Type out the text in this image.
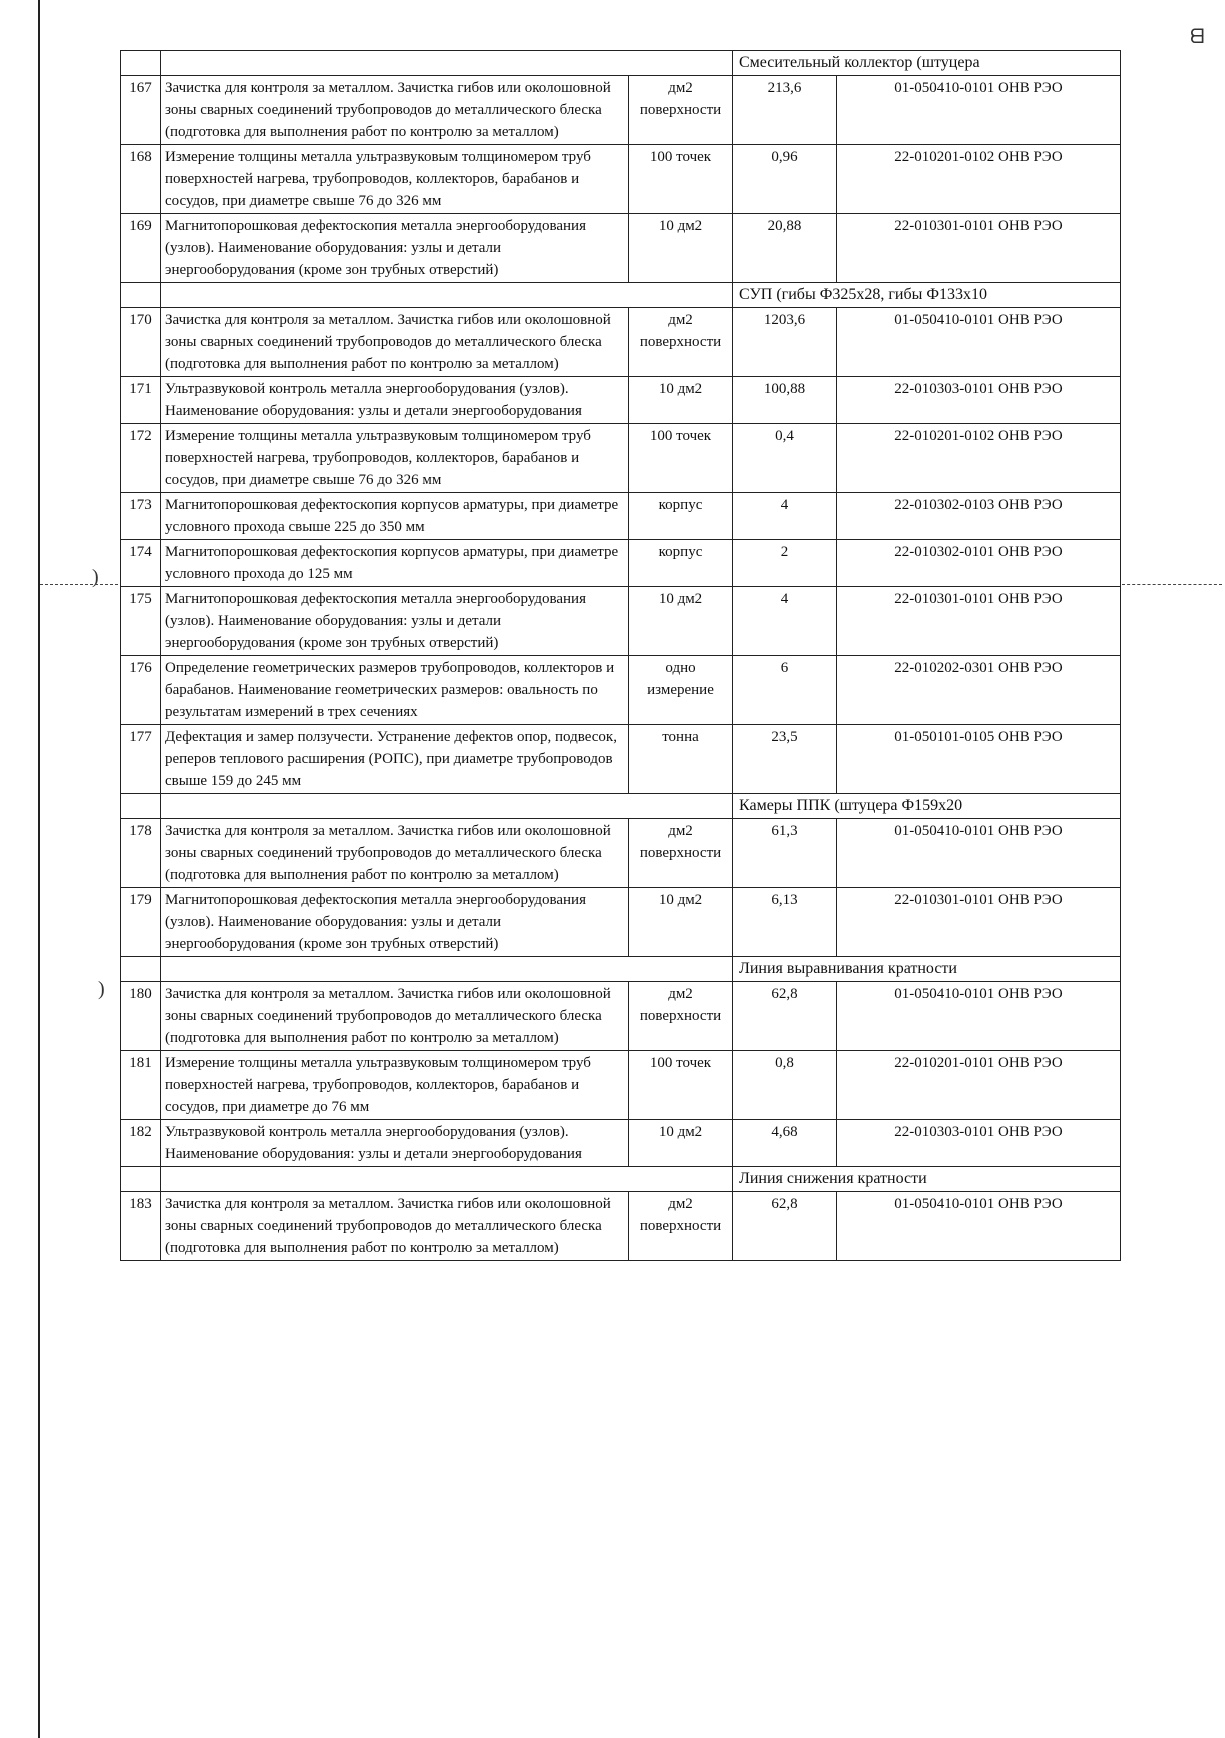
ᗺ
)
)
			Смесительный коллектор (штуцера	
167	Зачистка для контроля за металлом. Зачистка гибов или околошовной зоны сварных соединений трубопроводов до металлического блеска (подготовка для выполнения работ по контролю за металлом)	дм2 поверхности	213,6	01-050410-0101 ОНВ РЭО
168	Измерение толщины металла ультразвуковым толщиномером труб поверхностей нагрева, трубопроводов, коллекторов, барабанов и сосудов, при диаметре свыше 76 до 326 мм	100 точек	0,96	22-010201-0102 ОНВ РЭО
169	Магнитопорошковая дефектоскопия металла энергооборудования (узлов). Наименование оборудования: узлы и детали энергооборудования (кроме зон трубных отверстий)	10 дм2	20,88	22-010301-0101 ОНВ РЭО
			СУП (гибы Ф325х28, гибы Ф133х10	
170	Зачистка для контроля за металлом. Зачистка гибов или околошовной зоны сварных соединений трубопроводов до металлического блеска (подготовка для выполнения работ по контролю за металлом)	дм2 поверхности	1203,6	01-050410-0101 ОНВ РЭО
171	Ультразвуковой контроль металла энергооборудования (узлов). Наименование оборудования: узлы и детали энергооборудования	10 дм2	100,88	22-010303-0101 ОНВ РЭО
172	Измерение толщины металла ультразвуковым толщиномером труб поверхностей нагрева, трубопроводов, коллекторов, барабанов и сосудов, при диаметре свыше 76 до 326 мм	100 точек	0,4	22-010201-0102 ОНВ РЭО
173	Магнитопорошковая дефектоскопия корпусов арматуры, при диаметре условного прохода свыше 225 до 350 мм	корпус	4	22-010302-0103 ОНВ РЭО
174	Магнитопорошковая дефектоскопия корпусов арматуры, при диаметре условного прохода до 125 мм	корпус	2	22-010302-0101 ОНВ РЭО
175	Магнитопорошковая дефектоскопия металла энергооборудования (узлов). Наименование оборудования: узлы и детали энергооборудования (кроме зон трубных отверстий)	10 дм2	4	22-010301-0101 ОНВ РЭО
176	Определение геометрических размеров трубопроводов, коллекторов и барабанов. Наименование геометрических размеров: овальность по результатам измерений в трех сечениях	одно измерение	6	22-010202-0301 ОНВ РЭО
177	Дефектация и замер ползучести. Устранение дефектов опор, подвесок, реперов теплового расширения (РОПС), при диаметре трубопроводов свыше 159 до 245 мм	тонна	23,5	01-050101-0105 ОНВ РЭО
			Камеры ППК (штуцера Ф159х20	
178	Зачистка для контроля за металлом. Зачистка гибов или околошовной зоны сварных соединений трубопроводов до металлического блеска (подготовка для выполнения работ по контролю за металлом)	дм2 поверхности	61,3	01-050410-0101 ОНВ РЭО
179	Магнитопорошковая дефектоскопия металла энергооборудования (узлов). Наименование оборудования: узлы и детали энергооборудования (кроме зон трубных отверстий)	10 дм2	6,13	22-010301-0101 ОНВ РЭО
			Линия выравнивания кратности	
180	Зачистка для контроля за металлом. Зачистка гибов или околошовной зоны сварных соединений трубопроводов до металлического блеска (подготовка для выполнения работ по контролю за металлом)	дм2 поверхности	62,8	01-050410-0101 ОНВ РЭО
181	Измерение толщины металла ультразвуковым толщиномером труб поверхностей нагрева, трубопроводов, коллекторов, барабанов и сосудов, при диаметре до 76 мм	100 точек	0,8	22-010201-0101 ОНВ РЭО
182	Ультразвуковой контроль металла энергооборудования (узлов). Наименование оборудования: узлы и детали энергооборудования	10 дм2	4,68	22-010303-0101 ОНВ РЭО
			Линия снижения кратности	
183	Зачистка для контроля за металлом. Зачистка гибов или околошовной зоны сварных соединений трубопроводов до металлического блеска (подготовка для выполнения работ по контролю за металлом)	дм2 поверхности	62,8	01-050410-0101 ОНВ РЭО
